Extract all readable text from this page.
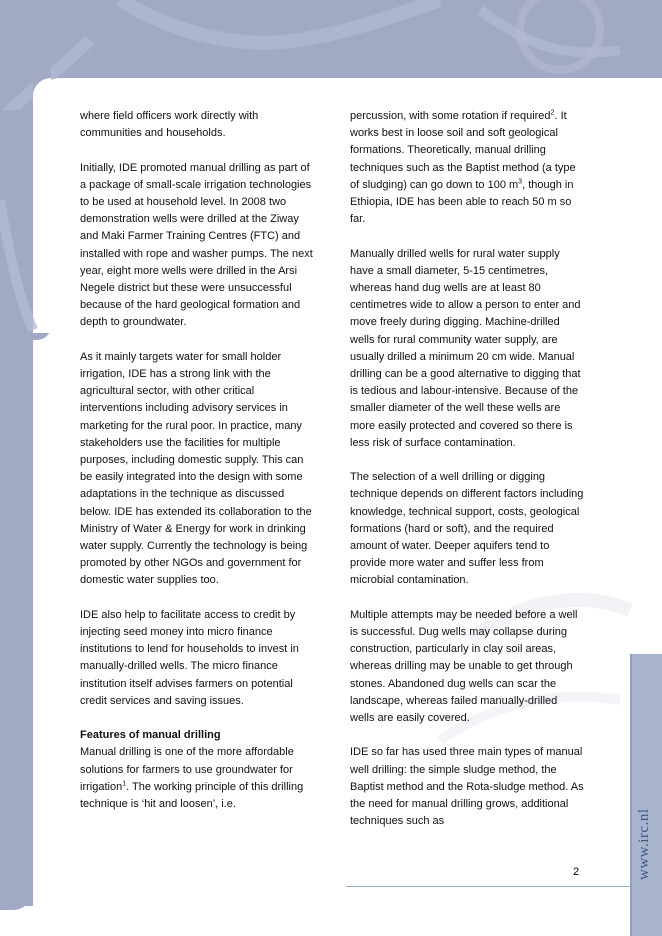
www.irc.nl

where field officers work directly with communities and households.

Initially, IDE promoted manual drilling as part of a package of small-scale irrigation technologies to be used at household level. In 2008 two demonstration wells were drilled at the Ziway and Maki Farmer Training Centres (FTC) and installed with rope and washer pumps. The next year, eight more wells were drilled in the Arsi Negele district but these were unsuccessful because of the hard geological formation and depth to groundwater.

As it mainly targets water for small holder irrigation, IDE has a strong link with the agricultural sector, with other critical interventions including advisory services in marketing for the rural poor. In practice, many stakeholders use the facilities for multiple purposes, including domestic supply. This can be easily integrated into the design with some adaptations in the technique as discussed below. IDE has extended its collaboration to the Ministry of Water & Energy for work in drinking water supply. Currently the technology is being promoted by other NGOs and government for domestic water supplies too.

IDE also help to facilitate access to credit by injecting seed money into micro finance institutions to lend for households to invest in manually-drilled wells. The micro finance institution itself advises farmers on potential credit services and saving issues.

Features of manual drilling

Manual drilling is one of the more affordable solutions for farmers to use groundwater for irrigation$^1$. The working principle of this drilling technique is ‘hit and loosen’, i.e.

percussion, with some rotation if required$^2$. It works best in loose soil and soft geological formations. Theoretically, manual drilling techniques such as the Baptist method (a type of sludging) can go down to 100 $m^3$, though in Ethiopia, IDE has been able to reach 50 m so far.

Manually drilled wells for rural water supply have a small diameter, 5-15 centimetres, whereas hand dug wells are at least 80 centimetres wide to allow a person to enter and move freely during digging. Machine-drilled wells for rural community water supply, are usually drilled a minimum 20 cm wide. Manual drilling can be a good alternative to digging that is tedious and labour-intensive. Because of the smaller diameter of the well these wells are more easily protected and covered so there is less risk of surface contamination.

The selection of a well drilling or digging technique depends on different factors including knowledge, technical support, costs, geological formations (hard or soft), and the required amount of water. Deeper aquifers tend to provide more water and suffer less from microbial contamination.

Multiple attempts may be needed before a well is successful. Dug wells may collapse during construction, particularly in clay soil areas, whereas drilling may be unable to get through stones. Abandoned dug wells can scar the landscape, whereas failed manually-drilled wells are easily covered.

IDE so far has used three main types of manual well drilling: the simple sludge method, the Baptist method and the Rota-sludge method. As the need for manual drilling grows, additional techniques such as

2
